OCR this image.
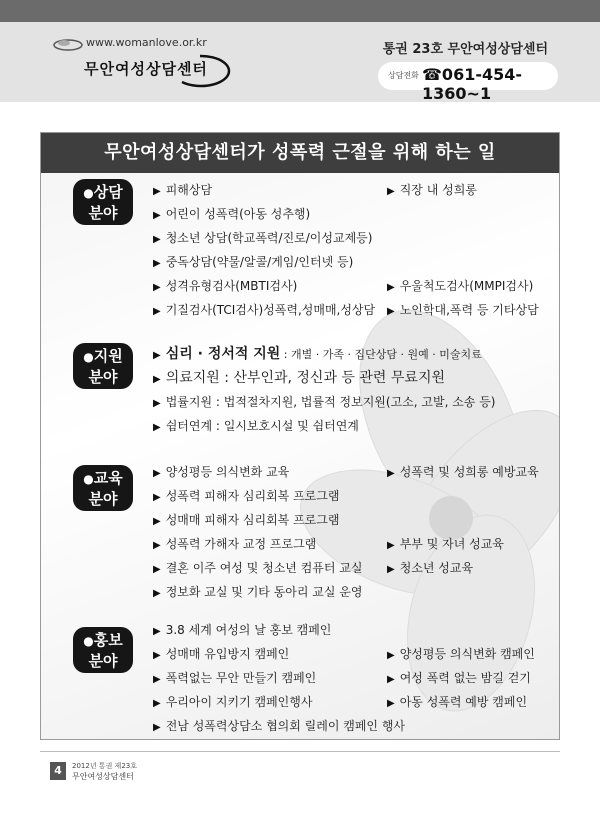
www.womanlove.or.kr
무안여성상담센터
통권 23호 무안여성상담센터
상담전화 ☎061-454-1360~1
무안여성상담센터가 성폭력 근절을 위해 하는 일
●상담
분야
▶ 피해상담
▶ 어린이 성폭력(아동 성추행)
▶ 청소년 상담(학교폭력/진로/이성교제등)
▶ 중독상담(약물/알콜/게임/인터넷 등)
▶ 성격유형검사(MBTI검사)
▶ 기질검사(TCI검사)성폭력,성매매,성상담
▶ 직장 내 성희롱
▶ 우울척도검사(MMPI검사)
▶ 노인학대,폭력 등 기타상담
●지원
분야
▶ 심리 · 정서적 지원 : 개별 · 가족 · 집단상담 · 원예 · 미술치료
▶ 의료지원 : 산부인과, 정신과 등 관련 무료지원
▶ 법률지원 : 법적절차지원, 법률적 정보지원(고소, 고발, 소송 등)
▶ 쉼터연계 : 일시보호시설 및 쉼터연계
●교육
분야
▶ 양성평등 의식변화 교육
▶ 성폭력 피해자 심리회복 프로그램
▶ 성매매 피해자 심리회복 프로그램
▶ 성폭력 가해자 교정 프로그램
▶ 결혼 이주 여성 및 청소년 컴퓨터 교실
▶ 정보화 교실 및 기타 동아리 교실 운영
▶ 성폭력 및 성희롱 예방교육
▶ 부부 및 자녀 성교육
▶ 청소년 성교육
●홍보
분야
▶ 3.8 세계 여성의 날 홍보 캠페인
▶ 성매매 유입방지 캠페인
▶ 폭력없는 무안 만들기 캠페인
▶ 우리아이 지키기 캠페인행사
▶ 전남 성폭력상담소 협의회 릴레이 캠페인 행사
▶ 양성평등 의식변화 캠페인
▶ 여성 폭력 없는 밤길 걷기
▶ 아동 성폭력 예방 캠페인
4	2012년 통권 제23호
무안여성상담센터
